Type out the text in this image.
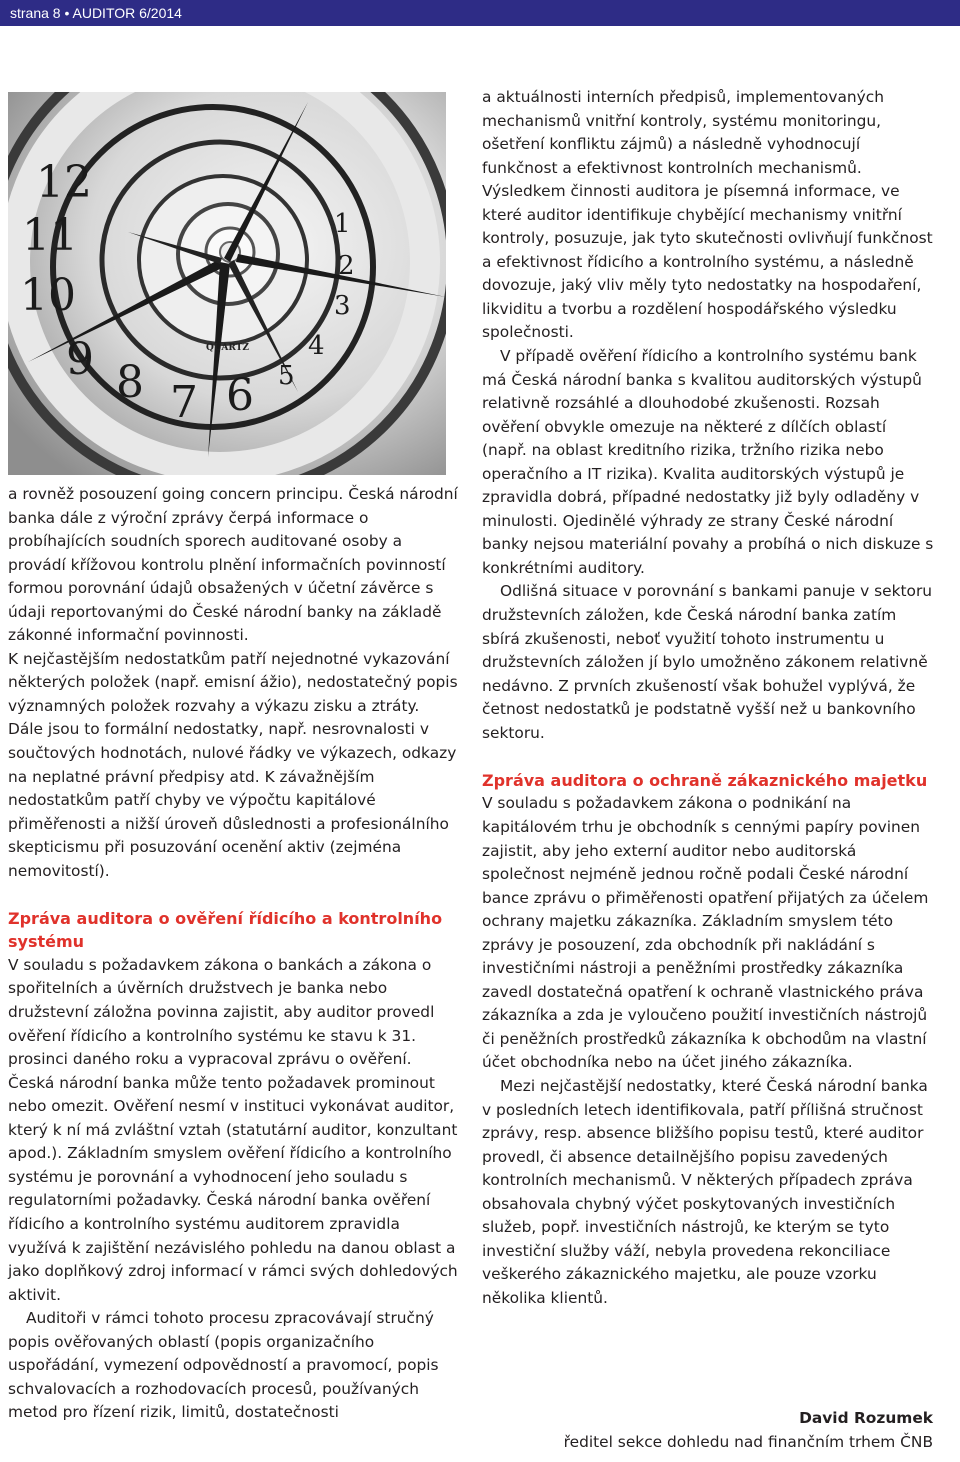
strana 8 • AUDITOR 6/2014
12
11
10
9 8 7 6 5
4
3
2
1
QUARTZ

a rovněž posouzení going concern principu. Česká národní banka dále z výroční zprávy čerpá informace o probíhajících soudních sporech auditované osoby a provádí křížovou kontrolu plnění informačních povinností formou porovnání údajů obsažených v účetní závěrce s údaji reportovanými do České národní banky na základě zákonné informační povinnosti.

K nejčastějším nedostatkům patří nejednotné vykazování některých položek (např. emisní ážio), nedostatečný popis významných položek rozvahy a výkazu zisku a ztráty. Dále jsou to formální nedostatky, např. nesrovnalosti v součtových hodnotách, nulové řádky ve výkazech, odkazy na neplatné právní předpisy atd. K závažnějším nedostatkům patří chyby ve výpočtu kapitálové přiměřenosti a nižší úroveň důslednosti a profesionálního skepticismu při posuzování ocenění aktiv (zejména nemovitostí).

Zpráva auditora o ověření řídicího a kontrolního systému

V souladu s požadavkem zákona o bankách a zákona o spořitelních a úvěrních družstvech je banka nebo družstevní záložna povinna zajistit, aby auditor provedl ověření řídicího a kontrolního systému ke stavu k 31. prosinci daného roku a vypracoval zprávu o ověření. Česká národní banka může tento požadavek prominout nebo omezit. Ověření nesmí v instituci vykonávat auditor, který k ní má zvláštní vztah (statutární auditor, konzultant apod.). Základním smyslem ověření řídicího a kontrolního systému je porovnání a vyhodnocení jeho souladu s regulatorními požadavky. Česká národní banka ověření řídicího a kontrolního systému auditorem zpravidla využívá k zajištění nezávislého pohledu na danou oblast a jako doplňkový zdroj informací v rámci svých dohledových aktivit.

Auditoři v rámci tohoto procesu zpracovávají stručný popis ověřovaných oblastí (popis organizačního uspořádání, vymezení odpovědností a pravomocí, popis schvalovacích a rozhodovacích procesů, používaných metod pro řízení rizik, limitů, dostatečnosti

a aktuálnosti interních předpisů, implementovaných mechanismů vnitřní kontroly, systému monitoringu, ošetření konfliktu zájmů) a následně vyhodnocují funkčnost a efektivnost kontrolních mechanismů. Výsledkem činnosti auditora je písemná informace, ve které auditor identifikuje chybějící mechanismy vnitřní kontroly, posuzuje, jak tyto skutečnosti ovlivňují funkčnost a efektivnost řídicího a kontrolního systému, a následně dovozuje, jaký vliv měly tyto nedostatky na hospodaření, likviditu a tvorbu a rozdělení hospodářského výsledku společnosti.

V případě ověření řídicího a kontrolního systému bank má Česká národní banka s kvalitou auditorských výstupů relativně rozsáhlé a dlouhodobé zkušenosti. Rozsah ověření obvykle omezuje na některé z dílčích oblastí (např. na oblast kreditního rizika, tržního rizika nebo operačního a IT rizika). Kvalita auditorských výstupů je zpravidla dobrá, případné nedostatky již byly odladěny v minulosti. Ojedinělé výhrady ze strany České národní banky nejsou materiální povahy a probíhá o nich diskuze s konkrétními auditory.

Odlišná situace v porovnání s bankami panuje v sektoru družstevních záložen, kde Česká národní banka zatím sbírá zkušenosti, neboť využití tohoto instrumentu u družstevních záložen jí bylo umožněno zákonem relativně nedávno. Z prvních zkušeností však bohužel vyplývá, že četnost nedostatků je podstatně vyšší než u bankovního sektoru.

Zpráva auditora o ochraně zákaznického majetku

V souladu s požadavkem zákona o podnikání na kapitálovém trhu je obchodník s cennými papíry povinen zajistit, aby jeho externí auditor nebo auditorská společnost nejméně jednou ročně podali České národní bance zprávu o přiměřenosti opatření přijatých za účelem ochrany majetku zákazníka. Základním smyslem této zprávy je posouzení, zda obchodník při nakládání s investičními nástroji a peněžními prostředky zákazníka zavedl dostatečná opatření k ochraně vlastnického práva zákazníka a zda je vyloučeno použití investičních nástrojů či peněžních prostředků zákazníka k obchodům na vlastní účet obchodníka nebo na účet jiného zákazníka.

Mezi nejčastější nedostatky, které Česká národní banka v posledních letech identifikovala, patří přílišná stručnost zprávy, resp. absence bližšího popisu testů, které auditor provedl, či absence detailnějšího popisu zavedených kontrolních mechanismů. V některých případech zpráva obsahovala chybný výčet poskytovaných investičních služeb, popř. investičních nástrojů, ke kterým se tyto investiční služby váží, nebyla provedena rekonciliace veškerého zákaznického majetku, ale pouze vzorku několika klientů.

David Rozumek
ředitel sekce dohledu nad finančním trhem ČNB
